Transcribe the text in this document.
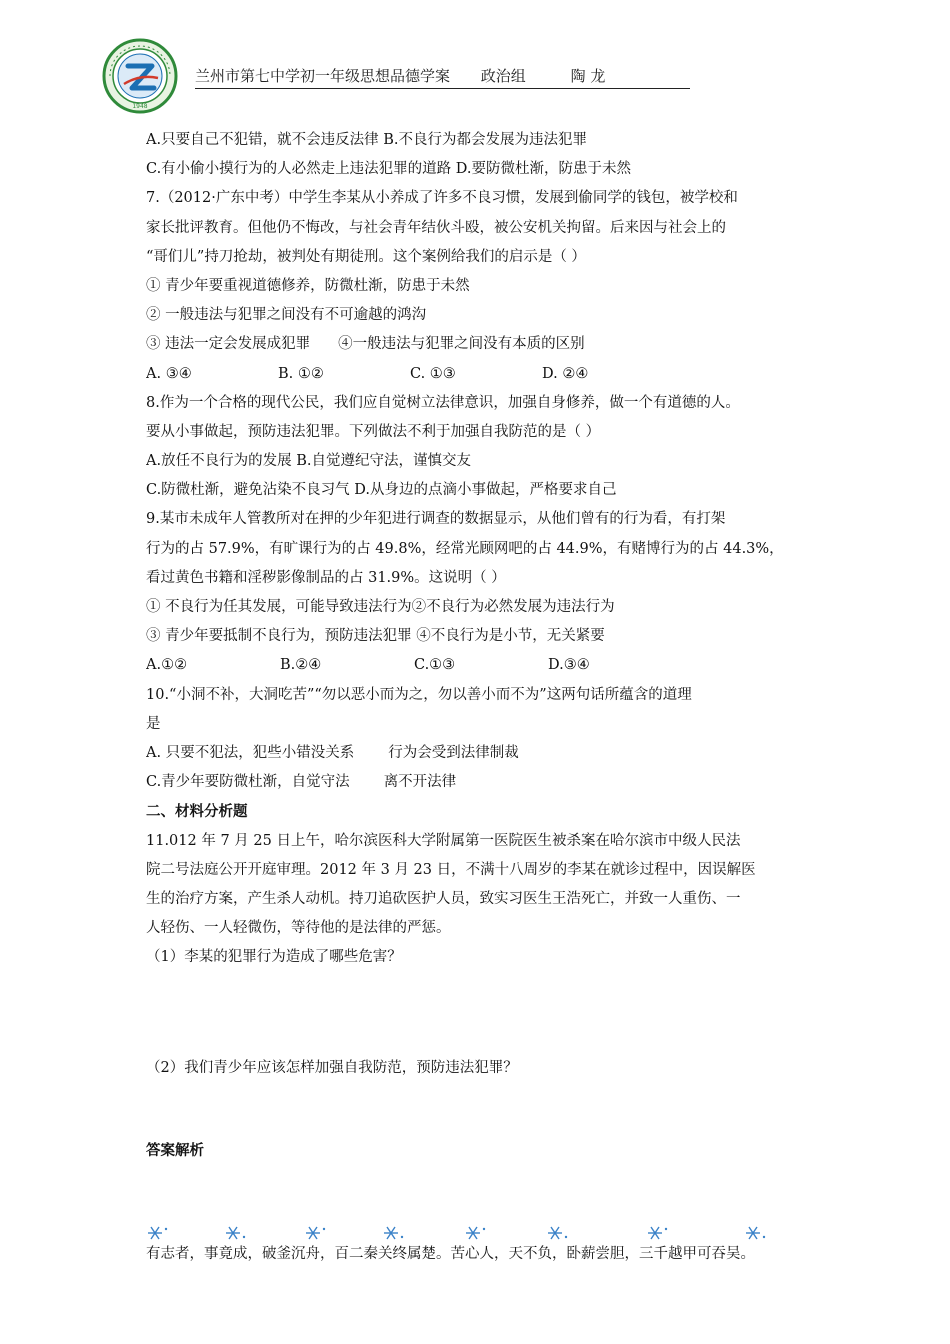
1948
兰州市第七中学初一年级思想品德学案 政治组	陶 龙
A.只要自己不犯错，就不会违反法律 B.不良行为都会发展为违法犯罪
C.有小偷小摸行为的人必然走上违法犯罪的道路 D.要防微杜渐，防患于未然
7.（2012·广东中考）中学生李某从小养成了许多不良习惯，发展到偷同学的钱包，被学校和
家长批评教育。但他仍不悔改，与社会青年结伙斗殴，被公安机关拘留。后来因与社会上的
“哥们儿”持刀抢劫，被判处有期徒刑。这个案例给我们的启示是（ ）
① 青少年要重视道德修养，防微杜渐，防患于未然
② 一般违法与犯罪之间没有不可逾越的鸿沟
③ 违法一定会发展成犯罪 ④一般违法与犯罪之间没有本质的区别
A. ③④	B. ①②	C. ①③	D. ②④
8.作为一个合格的现代公民，我们应自觉树立法律意识，加强自身修养，做一个有道德的人。
要从小事做起，预防违法犯罪。下列做法不利于加强自我防范的是（ ）
A.放任不良行为的发展 B.自觉遵纪守法，谨慎交友
C.防微杜渐，避免沾染不良习气 D.从身边的点滴小事做起，严格要求自己
9.某市未成年人管教所对在押的少年犯进行调查的数据显示，从他们曾有的行为看，有打架
行为的占 57.9%，有旷课行为的占 49.8%，经常光顾网吧的占 44.9%，有赌博行为的占 44.3%，
看过黄色书籍和淫秽影像制品的占 31.9%。这说明（ ）
① 不良行为任其发展，可能导致违法行为②不良行为必然发展为违法行为
③ 青少年要抵制不良行为，预防违法犯罪 ④不良行为是小节，无关紧要
A.①②	B.②④	C.①③	D.③④
10.“小洞不补，大洞吃苦”“勿以恶小而为之，勿以善小而不为”这两句话所蕴含的道理
是
A. 只要不犯法，犯些小错没关系 行为会受到法律制裁
C.青少年要防微杜渐，自觉守法 离不开法律
二、材料分析题
11.012 年 7 月 25 日上午，哈尔滨医科大学附属第一医院医生被杀案在哈尔滨市中级人民法
院二号法庭公开开庭审理。2012 年 3 月 23 日，不满十八周岁的李某在就诊过程中，因误解医
生的治疗方案，产生杀人动机。持刀追砍医护人员，致实习医生王浩死亡，并致一人重伤、一
人轻伤、一人轻微伤，等待他的是法律的严惩。
（1）李某的犯罪行为造成了哪些危害？
（2）我们青少年应该怎样加强自我防范，预防违法犯罪？
答案解析
有志者，事竟成，破釜沉舟，百二秦关终属楚。苦心人，天不负，卧薪尝胆，三千越甲可吞吴。
